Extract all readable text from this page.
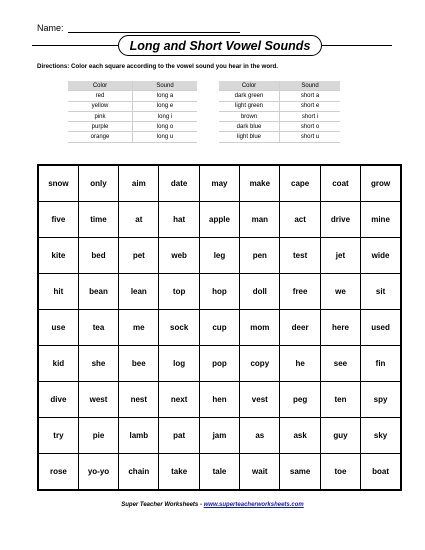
Name:
Long and Short Vowel Sounds
Directions: Color each square according to the vowel sound you hear in the word.
Color	Sound
red	long a
yellow	long e
pink	long i
purple	long o
orange	long u
Color	Sound
dark green	short a
light green	short e
brown	short i
dark blue	short o
light blue	short u
snow	only	aim	date	may	make	cape	coat	grow
five	time	at	hat	apple	man	act	drive	mine
kite	bed	pet	web	leg	pen	test	jet	wide
hit	bean	lean	top	hop	doll	free	we	sit
use	tea	me	sock	cup	mom	deer	here	used
kid	she	bee	log	pop	copy	he	see	fin
dive	west	nest	next	hen	vest	peg	ten	spy
try	pie	lamb	pat	jam	as	ask	guy	sky
rose	yo-yo	chain	take	tale	wait	same	toe	boat
Super Teacher Worksheets - www.superteacherworksheets.com
